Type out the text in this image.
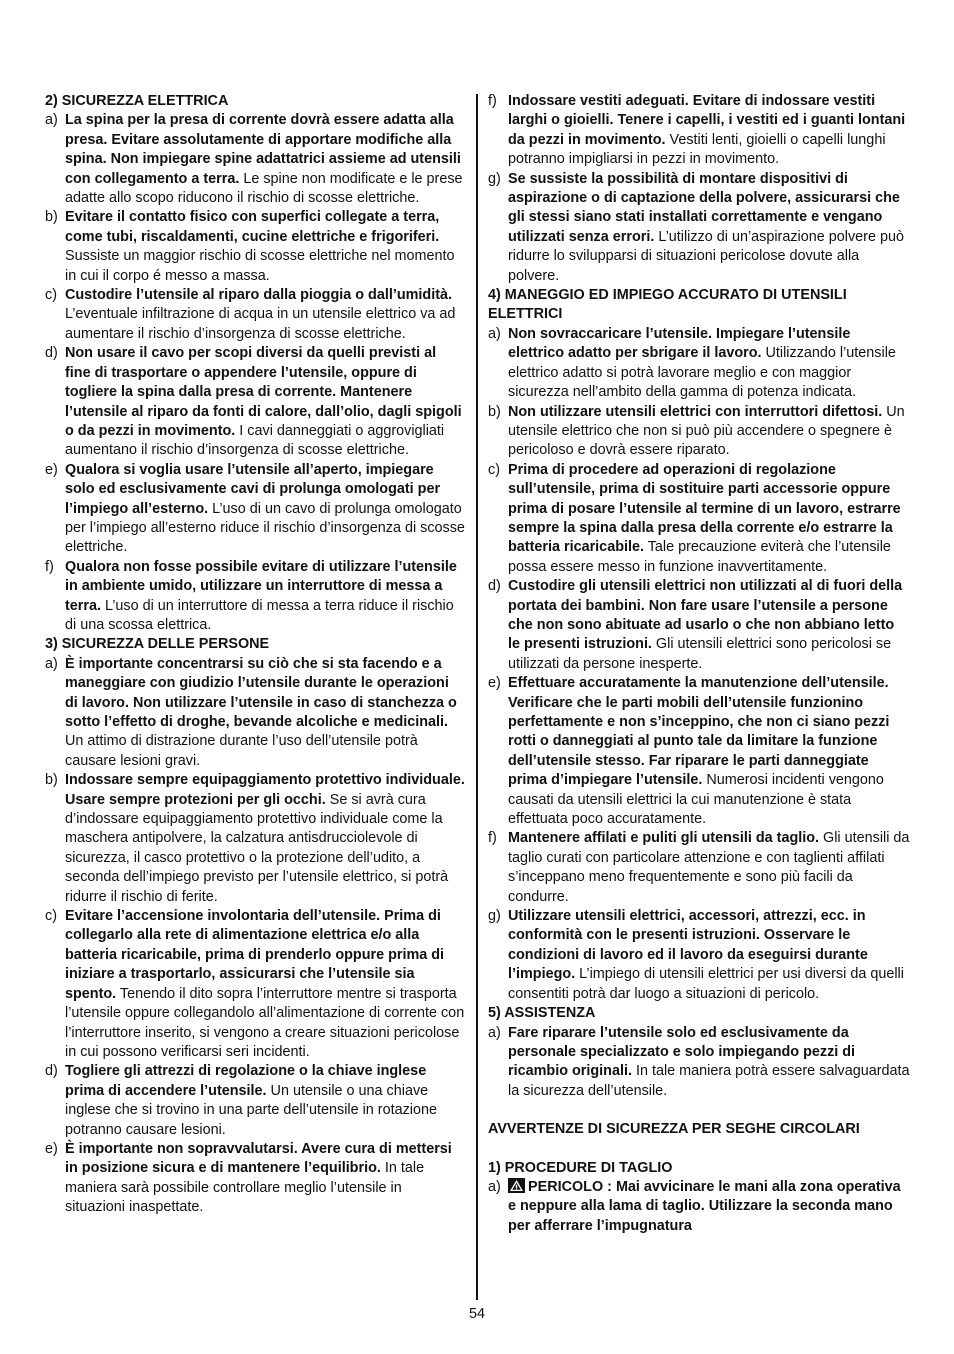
2) SICUREZZA ELETTRICA
a) La spina per la presa di corrente dovrà essere adatta alla presa. Evitare assolutamente di apportare modifiche alla spina. Non impiegare spine adattatrici assieme ad utensili con collegamento a terra. Le spine non modificate e le prese adatte allo scopo riducono il rischio di scosse elettriche.
b) Evitare il contatto fisico con superfici collegate a terra, come tubi, riscaldamenti, cucine elettriche e frigoriferi. Sussiste un maggior rischio di scosse elettriche nel momento in cui il corpo é messo a massa.
c) Custodire l’utensile al riparo dalla pioggia o dall’umidità. L’eventuale infiltrazione di acqua in un utensile elettrico va ad aumentare il rischio d’insorgenza di scosse elettriche.
d) Non usare il cavo per scopi diversi da quelli previsti al fine di trasportare o appendere l’utensile, oppure di togliere la spina dalla presa di corrente. Mantenere l’utensile al riparo da fonti di calore, dall’olio, dagli spigoli o da pezzi in movimento. I cavi danneggiati o aggrovigliati aumentano il rischio d’insorgenza di scosse elettriche.
e) Qualora si voglia usare l’utensile all’aperto, impiegare solo ed esclusivamente cavi di prolunga omologati per l’impiego all’esterno. L’uso di un cavo di prolunga omologato per l’impiego all’esterno riduce il rischio d’insorgenza di scosse elettriche.
f) Qualora non fosse possibile evitare di utilizzare l’utensile in ambiente umido, utilizzare un interruttore di messa a terra. L’uso di un interruttore di messa a terra riduce il rischio di una scossa elettrica.
3) SICUREZZA DELLE PERSONE
a) È importante concentrarsi su ciò che si sta facendo e a maneggiare con giudizio l’utensile durante le operazioni di lavoro. Non utilizzare l’utensile in caso di stanchezza o sotto l’effetto di droghe, bevande alcoliche e medicinali. Un attimo di distrazione durante l’uso dell’utensile potrà causare lesioni gravi.
b) Indossare sempre equipaggiamento protettivo individuale. Usare sempre protezioni per gli occhi. Se si avrà cura d’indossare equipaggiamento protettivo individuale come la maschera antipolvere, la calzatura antisdrucciolevole di sicurezza, il casco protettivo o la protezione dell’udito, a seconda dell’impiego previsto per l’utensile elettrico, si potrà ridurre il rischio di ferite.
c) Evitare l’accensione involontaria dell’utensile. Prima di collegarlo alla rete di alimentazione elettrica e/o alla batteria ricaricabile, prima di prenderlo oppure prima di iniziare a trasportarlo, assicurarsi che l’utensile sia spento. Tenendo il dito sopra l’interruttore mentre si trasporta l’utensile oppure collegandolo all’alimentazione di corrente con l’interruttore inserito, si vengono a creare situazioni pericolose in cui possono verificarsi seri incidenti.
d) Togliere gli attrezzi di regolazione o la chiave inglese prima di accendere l’utensile. Un utensile o una chiave inglese che si trovino in una parte dell’utensile in rotazione potranno causare lesioni.
e) È importante non sopravvalutarsi. Avere cura di mettersi in posizione sicura e di mantenere l’equilibrio. In tale maniera sarà possibile controllare meglio l’utensile in situazioni inaspettate.
f) Indossare vestiti adeguati. Evitare di indossare vestiti larghi o gioielli. Tenere i capelli, i vestiti ed i guanti lontani da pezzi in movimento. Vestiti lenti, gioielli o capelli lunghi potranno impigliarsi in pezzi in movimento.
g) Se sussiste la possibilità di montare dispositivi di aspirazione o di captazione della polvere, assicurarsi che gli stessi siano stati installati correttamente e vengano utilizzati senza errori. L’utilizzo di un’aspirazione polvere può ridurre lo svilupparsi di situazioni pericolose dovute alla polvere.
4) MANEGGIO ED IMPIEGO ACCURATO DI UTENSILI ELETTRICI
a) Non sovraccaricare l’utensile. Impiegare l’utensile elettrico adatto per sbrigare il lavoro. Utilizzando l’utensile elettrico adatto si potrà lavorare meglio e con maggior sicurezza nell’ambito della gamma di potenza indicata.
b) Non utilizzare utensili elettrici con interruttori difettosi. Un utensile elettrico che non si può più accendere o spegnere è pericoloso e dovrà essere riparato.
c) Prima di procedere ad operazioni di regolazione sull’utensile, prima di sostituire parti accessorie oppure prima di posare l’utensile al termine di un lavoro, estrarre sempre la spina dalla presa della corrente e/o estrarre la batteria ricaricabile. Tale precauzione eviterà che l’utensile possa essere messo in funzione inavvertitamente.
d) Custodire gli utensili elettrici non utilizzati al di fuori della portata dei bambini. Non fare usare l’utensile a persone che non sono abituate ad usarlo o che non abbiano letto le presenti istruzioni. Gli utensili elettrici sono pericolosi se utilizzati da persone inesperte.
e) Effettuare accuratamente la manutenzione dell’utensile. Verificare che le parti mobili dell’utensile funzionino perfettamente e non s’inceppino, che non ci siano pezzi rotti o danneggiati al punto tale da limitare la funzione dell’utensile stesso. Far riparare le parti danneggiate prima d’impiegare l’utensile. Numerosi incidenti vengono causati da utensili elettrici la cui manutenzione è stata effettuata poco accuratamente.
f) Mantenere affilati e puliti gli utensili da taglio. Gli utensili da taglio curati con particolare attenzione e con taglienti affilati s’inceppano meno frequentemente e sono più facili da condurre.
g) Utilizzare utensili elettrici, accessori, attrezzi, ecc. in conformità con le presenti istruzioni. Osservare le condizioni di lavoro ed il lavoro da eseguirsi durante l’impiego. L’impiego di utensili elettrici per usi diversi da quelli consentiti potrà dar luogo a situazioni di pericolo.
5) ASSISTENZA
a) Fare riparare l’utensile solo ed esclusivamente da personale specializzato e solo impiegando pezzi di ricambio originali. In tale maniera potrà essere salvaguardata la sicurezza dell’utensile.
AVVERTENZE DI SICUREZZA PER SEGHE CIRCOLARI
1) PROCEDURE DI TAGLIO
a)	PERICOLO : Mai avvicinare le mani alla zona operativa e neppure alla lama di taglio. Utilizzare la seconda mano per afferrare l’impugnatura
54
